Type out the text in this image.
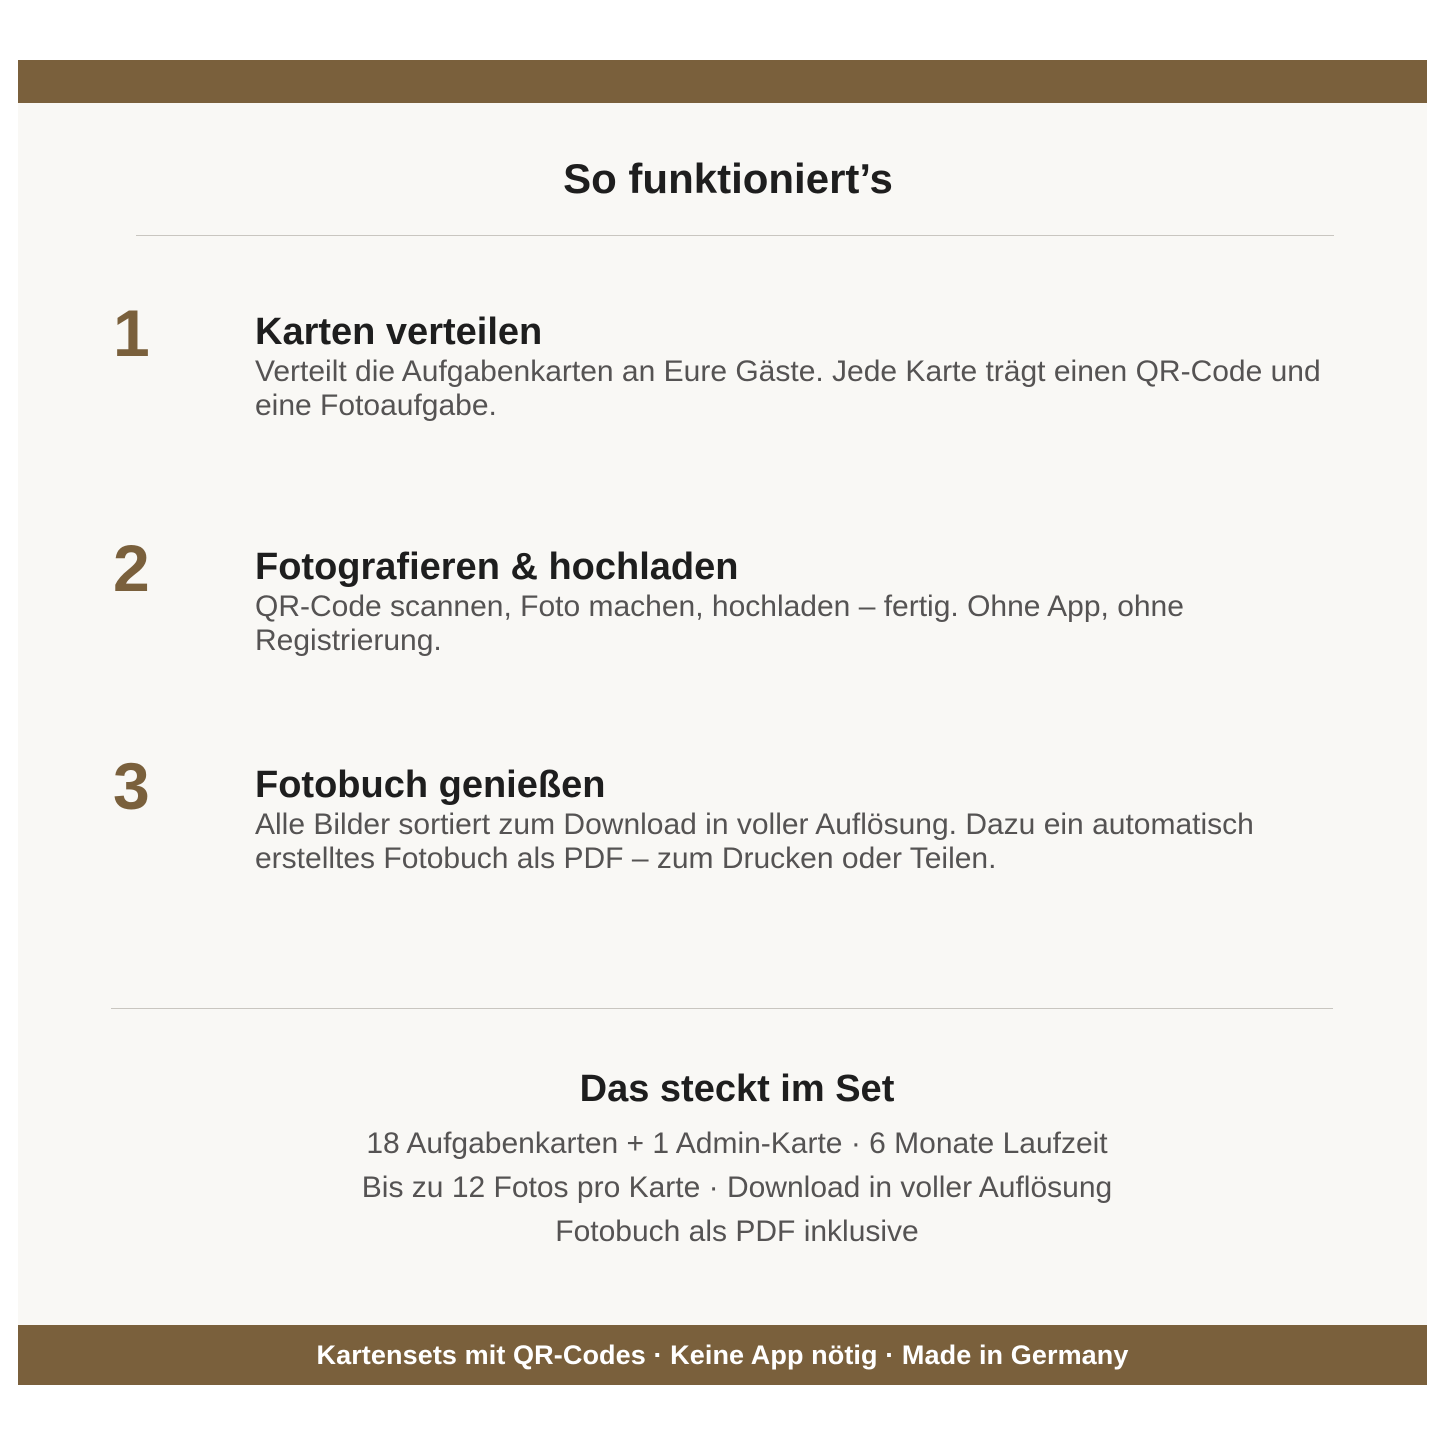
So funktioniert’s
1	Karten verteilen
Verteilt die Aufgabenkarten an Eure Gäste. Jede Karte trägt einen QR-Code und eine Fotoaufgabe.
2	Fotografieren & hochladen
QR-Code scannen, Foto machen, hochladen – fertig. Ohne App, ohne Registrierung.
3	Fotobuch genießen
Alle Bilder sortiert zum Download in voller Auflösung. Dazu ein automatisch erstelltes Fotobuch als PDF – zum Drucken oder Teilen.
Das steckt im Set
18 Aufgabenkarten + 1 Admin-Karte · 6 Monate Laufzeit
Bis zu 12 Fotos pro Karte · Download in voller Auflösung
Fotobuch als PDF inklusive
Kartensets mit QR-Codes · Keine App nötig · Made in Germany
